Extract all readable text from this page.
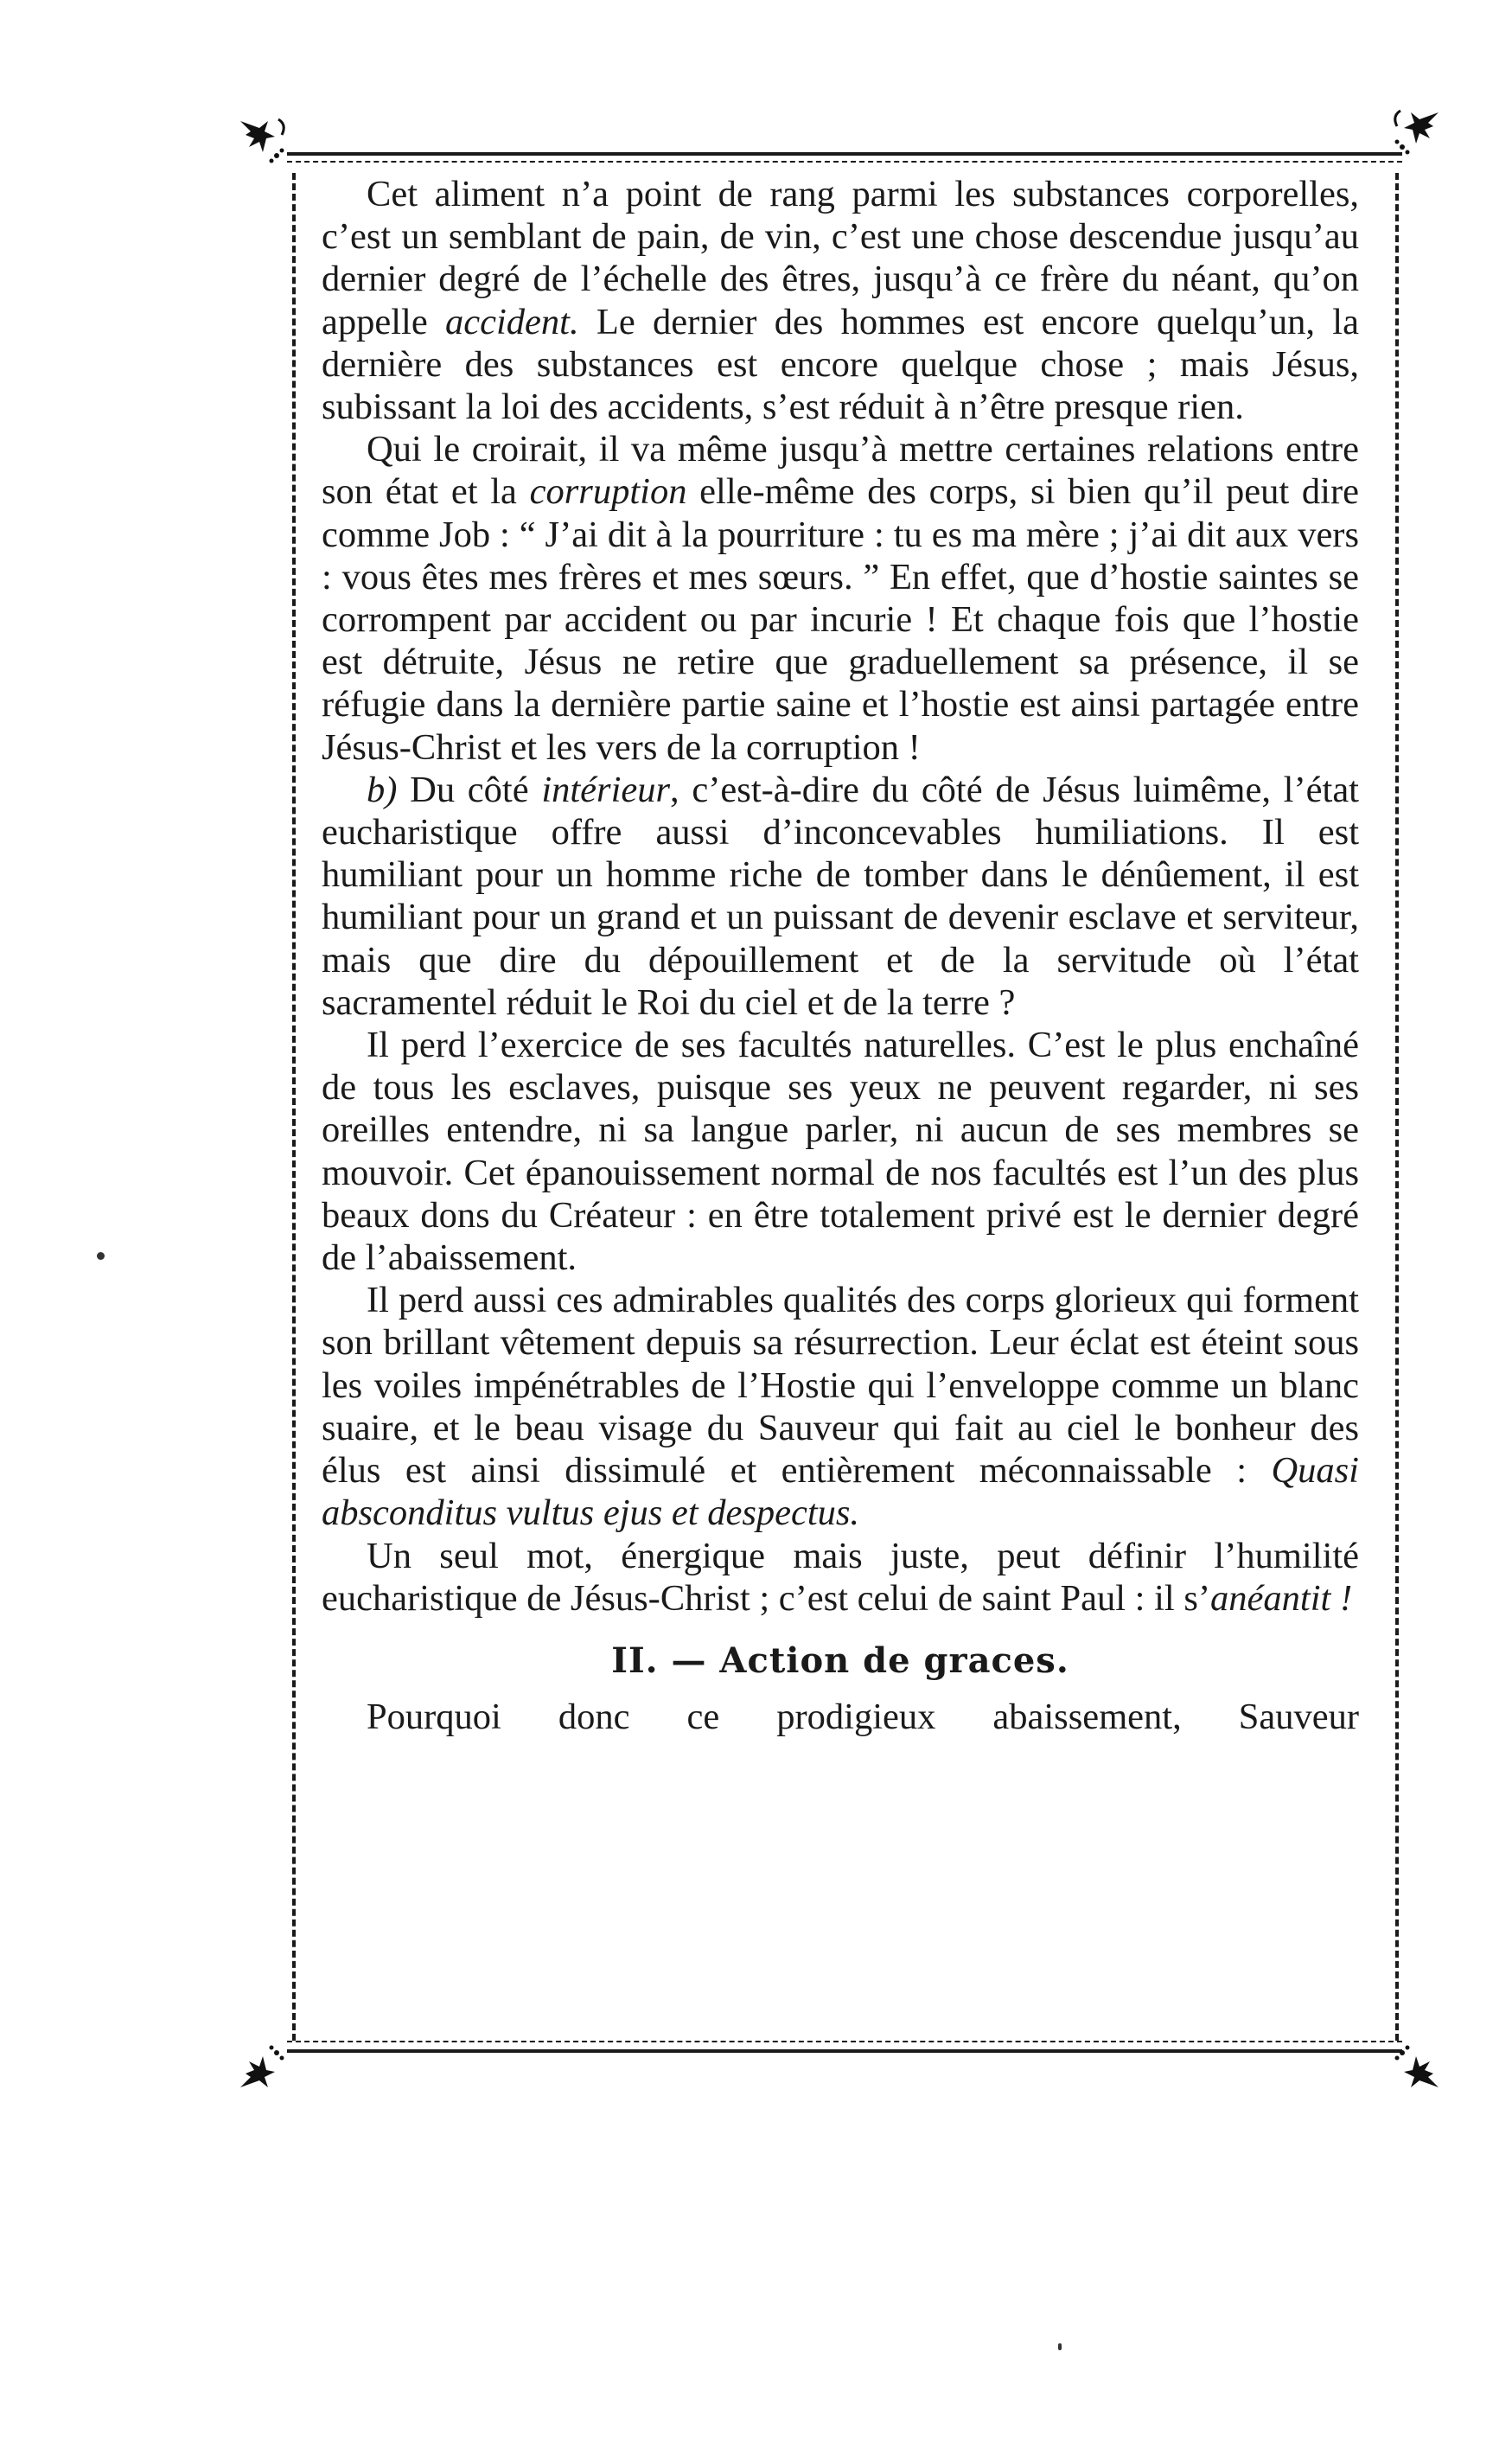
Cet aliment n’a point de rang parmi les substances corporelles, c’est un semblant de pain, de vin, c’est une chose descendue jusqu’au dernier degré de l’échelle des êtres, jusqu’à ce frère du néant, qu’on appelle accident. Le dernier des hommes est encore quelqu’un, la dernière des substances est encore quelque chose ; mais Jésus, subissant la loi des accidents, s’est réduit à n’être presque rien.

Qui le croirait, il va même jusqu’à mettre certaines relations entre son état et la corruption elle-même des corps, si bien qu’il peut dire comme Job : “ J’ai dit à la pourriture : tu es ma mère ; j’ai dit aux vers : vous êtes mes frères et mes sœurs. ” En effet, que d’hostie saintes se corrompent par accident ou par incurie ! Et chaque fois que l’hostie est détruite, Jésus ne retire que graduellement sa présence, il se réfugie dans la dernière partie saine et l’hostie est ainsi partagée entre Jésus-Christ et les vers de la corruption !

b) Du côté intérieur, c’est-à-dire du côté de Jésus luimême, l’état eucharistique offre aussi d’inconcevables humiliations. Il est humiliant pour un homme riche de tomber dans le dénûement, il est humiliant pour un grand et un puissant de devenir esclave et serviteur, mais que dire du dépouillement et de la servitude où l’état sacramentel réduit le Roi du ciel et de la terre ?

Il perd l’exercice de ses facultés naturelles. C’est le plus enchaîné de tous les esclaves, puisque ses yeux ne peuvent regarder, ni ses oreilles entendre, ni sa langue parler, ni aucun de ses membres se mouvoir. Cet épanouissement normal de nos facultés est l’un des plus beaux dons du Créateur : en être totalement privé est le dernier degré de l’abaissement.

Il perd aussi ces admirables qualités des corps glorieux qui forment son brillant vêtement depuis sa résurrection. Leur éclat est éteint sous les voiles impénétrables de l’Hostie qui l’enveloppe comme un blanc suaire, et le beau visage du Sauveur qui fait au ciel le bonheur des élus est ainsi dissimulé et entièrement méconnaissable : Quasi absconditus vultus ejus et despectus.

Un seul mot, énergique mais juste, peut définir l’humilité eucharistique de Jésus-Christ ; c’est celui de saint Paul : il s’anéantit !

II. — Action de graces.

Pourquoi donc ce prodigieux abaissement, Sauveur
